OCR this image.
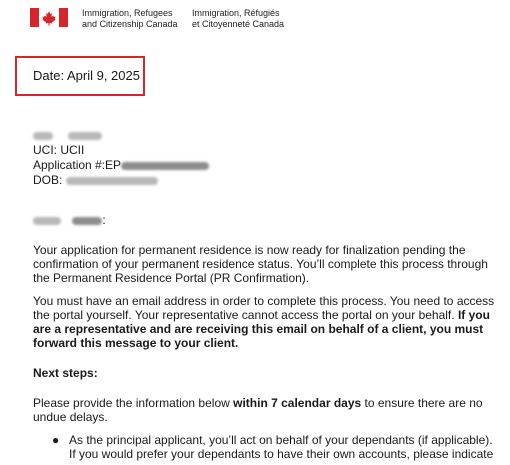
Immigration, Refugees
and Citizenship Canada
Immigration, Réfugiés
et Citoyenneté Canada
Date: April 9, 2025

UCI: UCII
Application #:EP
DOB:
:
Your application for permanent residence is now ready for finalization pending the confirmation of your permanent residence status. You’ll complete this process through the Permanent Residence Portal (PR Confirmation).
You must have an email address in order to complete this process. You need to access the portal yourself. Your representative cannot access the portal on your behalf. If you are a representative and are receiving this email on behalf of a client, you must forward this message to your client.
Next steps:
Please provide the information below within 7 calendar days to ensure there are no undue delays.
● As the principal applicant, you’ll act on behalf of your dependants (if applicable). If you would prefer your dependants to have their own accounts, please indicate
